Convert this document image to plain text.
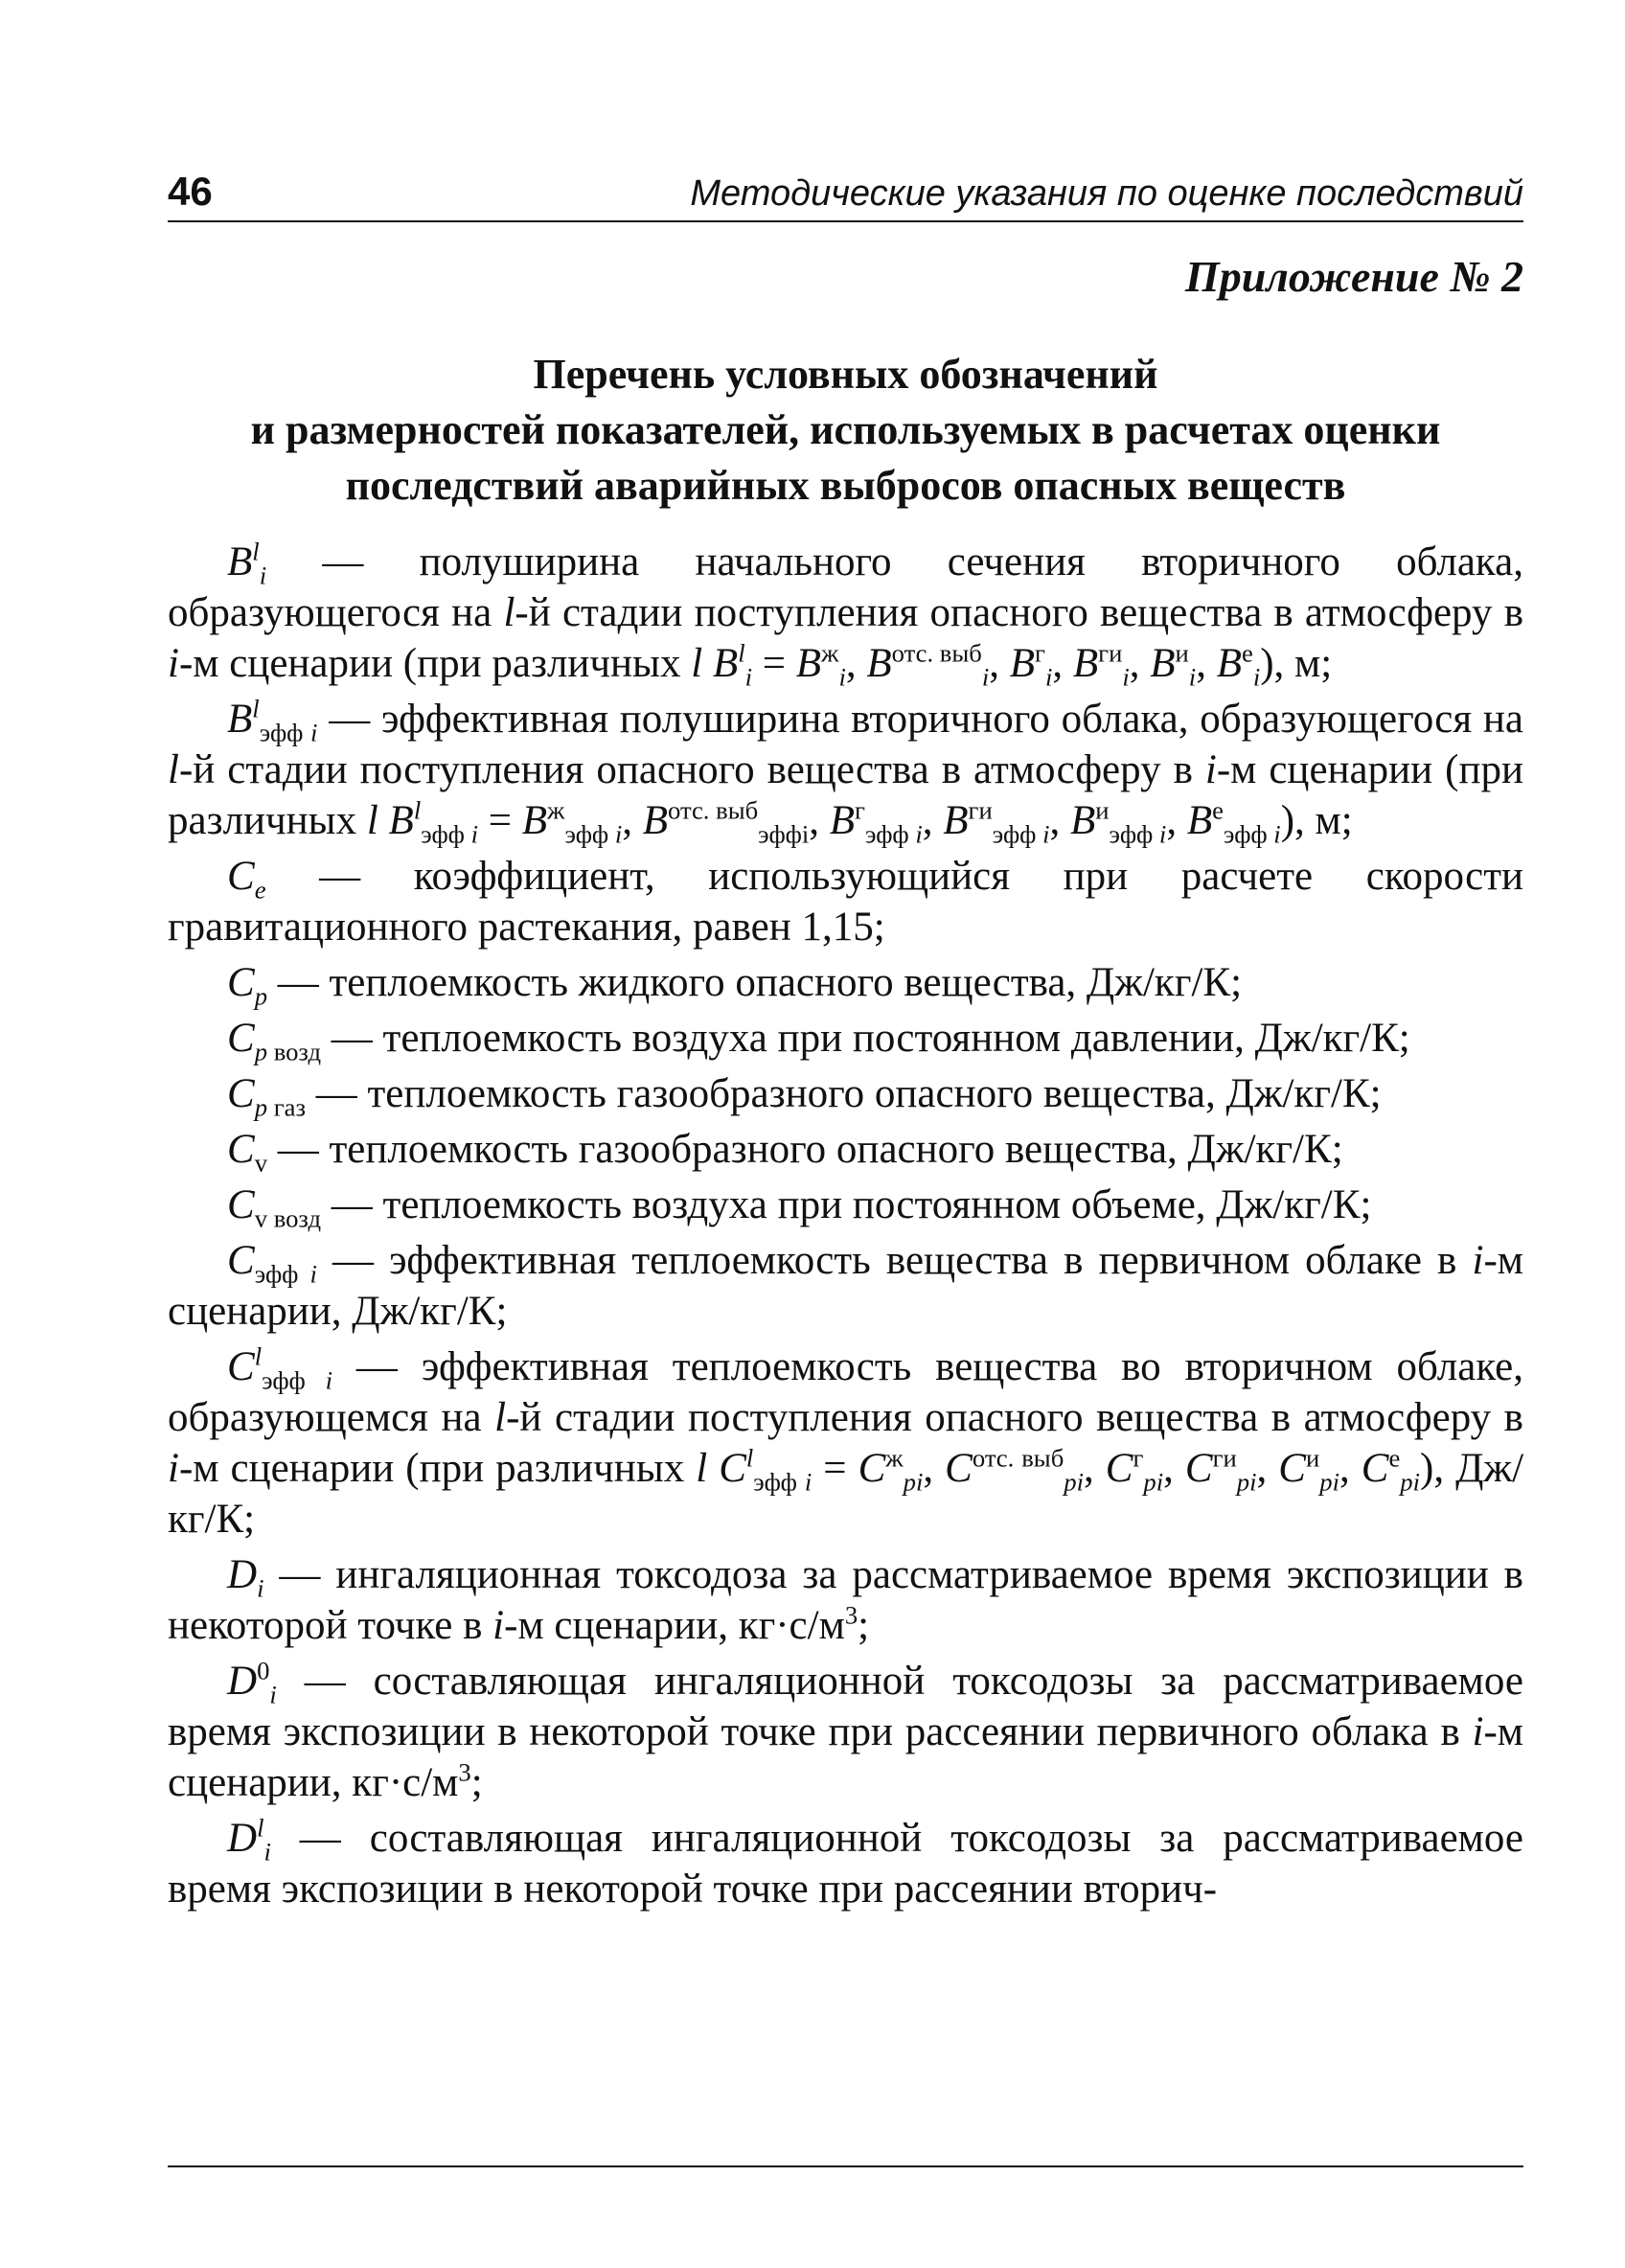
46	Методические указания по оценке последствий
Приложение № 2
Перечень условных обозначений
и размерностей показателей, используемых в расчетах оценки
последствий аварийных выбросов опасных веществ

$B^l_i$ — полуширина начального сечения вторичного облака, образующегося на l-й стадии поступления опасного вещества в атмосферу в i-м сценарии (при различных l $B^l_i = B^ж_i$, $B^{отс. выб}_i$, $B^г_i$, $B^{ги}_i$, $B^и_i$, $B^е_i$), м;

$B^l_{эфф i}$ — эффективная полуширина вторичного облака, образующегося на l-й стадии поступления опасного вещества в атмосферу в i-м сценарии (при различных l $B^l_{эфф i} = B^ж_{эфф i}$, $B^{отс. выб}_{эффi}$, $B^г_{эфф i}$, $B^{ги}_{эфф i}$, $B^и_{эфф i}$, $B^е_{эфф i}$), м;

$C_e$ — коэффициент, использующийся при расчете скорости гравитационного растекания, равен 1,15;

$C_p$ — теплоемкость жидкого опасного вещества, Дж/кг/К;

$C_{p возд}$ — теплоемкость воздуха при постоянном давлении, Дж/кг/К;

$C_{p газ}$ — теплоемкость газообразного опасного вещества, Дж/кг/К;

$C_v$ — теплоемкость газообразного опасного вещества, Дж/кг/К;

$C_{v возд}$ — теплоемкость воздуха при постоянном объеме, Дж/кг/К;

$C_{эфф i}$ — эффективная теплоемкость вещества в первичном облаке в i-м сценарии, Дж/кг/К;

$C^l_{эфф i}$ — эффективная теплоемкость вещества во вторичном облаке, образующемся на l-й стадии поступления опасного вещества в атмосферу в i-м сценарии (при различных l $C^l_{эфф i} = C^ж_{pi}$, $C^{отс. выб}_{pi}$, $C^г_{pi}$, $C^{ги}_{pi}$, $C^и_{pi}$, $C^е_{pi}$), Дж/кг/К;

$D_i$ — ингаляционная токсодоза за рассматриваемое время экспозиции в некоторой точке в i-м сценарии, $кг\cdot с/м^3$;

$D^0_i$ — составляющая ингаляционной токсодозы за рассматриваемое время экспозиции в некоторой точке при рассеянии первичного облака в i-м сценарии, $кг\cdot с/м^3$;

$D^l_i$ — составляющая ингаляционной токсодозы за рассматриваемое время экспозиции в некоторой точке при рассеянии вторич-
